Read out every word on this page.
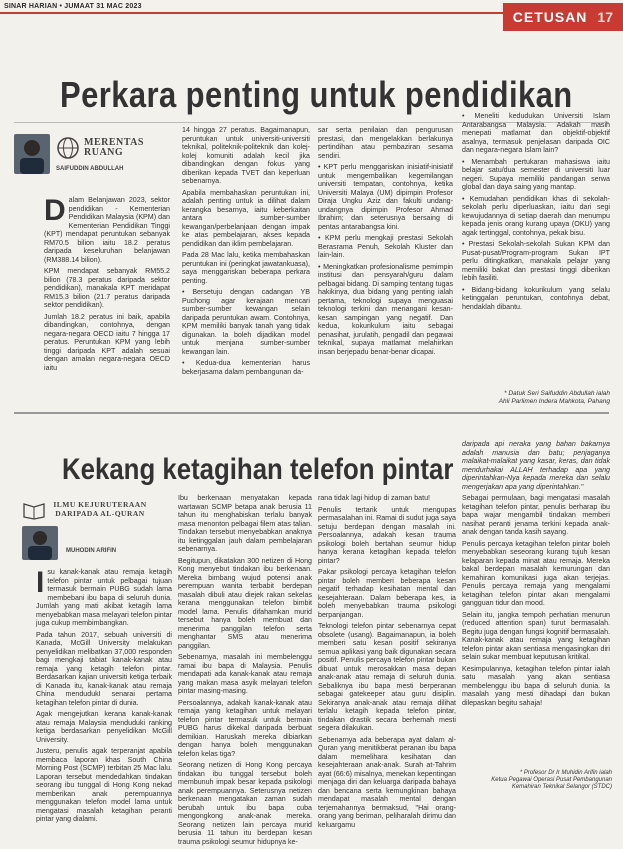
SINAR HARIAN • JUMAAT 31 MAC 2023
CETUSAN 17
Perkara penting untuk pendidikan
MERENTAS RUANG
SAIFUDDIN ABDULLAH

Dalam Belanjawan 2023, sektor pendidikan - Kementerian Pendidikan Malaysia (KPM) dan Kementerian Pendidikan Tinggi (KPT) mendapat peruntukan sebanyak RM70.5 bilion iaitu 18.2 peratus daripada keseluruhan belanjawan (RM388.14 bilion).

KPM mendapat sebanyak RM55.2 bilion (78.3 peratus daripada sektor pendidikan), manakala KPT meridapat RM15.3 bilion (21.7 peratus daripada sektor pendidikan).

Jumlah 18.2 peratus ini baik, apabila dibandingkan, contohnya, dengan negara-negara OECD iaitu 7 hingga 17 peratus. Peruntukan KPM yang lebih tinggi daripada KPT adalah sesuai dengan amalan negara-negara OECD iaitu

14 hingga 27 peratus. Bagaimanapun, peruntukan untuk universiti-universiti teknikal, politeknik-politeknik dan kolej-kolej komuniti adalah kecil jika dibandingkan dengan fokus yang diberikan kepada TVET dan keperluan sebenarnya.

Apabila membahaskan peruntukan ini, adalah penting untuk ia dilihat dalam kerangka besarnya, iaitu keberkaitan antara sumber-sumber kewangan/perbelanjaan dengan impak ke atas pembelajaran, akses kepada pendidikan dan iklim pembelajaran.

Pada 28 Mac lalu, ketika membahaskan peruntukan ini (peringkat jawatankuasa), saya menggariskan beberapa perkara penting.

• Bersetuju dengan cadangan YB Puchong agar kerajaan mencari sumber-sumber kewangan selain daripada peruntukan awam. Contohnya, KPM memiliki banyak tanah yang tidak digunakan. Ia boleh dijadikan model untuk menjana sumber-sumber kewangan lain.

• Kedua-dua kementerian harus bekerjasama dalam pembangunan da-

sar serta penilaian dan pengurusan prestasi, dan mengelakkan berlakunya pertindihan atau pembaziran sesama sendiri.

• KPT perlu menggariskan inisiatif-inisiatif untuk mengembalikan kegemilangan universiti tempatan, contohnya, ketika Universiti Malaya (UM) dipimpin Profesor Diraja Ungku Aziz dan fakulti undang-undangnya dipimpin Profesor Ahmad Ibrahim; dan seterusnya bersaing di pentas antarabangsa kini.

• KPM perlu mengkaji prestasi Sekolah Berasrama Penuh, Sekolah Kluster dan lain-lain.

• Meningkatkan profesionalisme pemimpin institusi dan pensyarah/guru dalam pelbagai bidang. Di samping tentang tugas hakikinya, dua bidang yang penting ialah pertama, teknologi supaya menguasai teknologi terkini dan menangani kesan-kesan sampingan yang negatif. Dan kedua, kokurikulum iaitu sebagai penasihat, jurulatih, pengadil dan pegawai teknikal, supaya matlamat melahirkan insan berjepadu benar-benar dicapai.

• Meneliti kedudukan Universiti Islam Antarabangsa Malaysia. Adakah masih menepati matlamat dan objektif-objektif asalnya, termasuk penjelasan daripada OIC dan negara-negara Islam lain?

• Menambah pertukaran mahasiswa iaitu belajar satu/dua semester di universiti luar negeri. Supaya memiliki pandangan serwa global dan daya saing yang mantap.

• Kemudahan pendidikan khas di sekolah-sekolah perlu diperluaskan, iaitu dari segi kewujudannya di setiap daerah dan menumpu kepada jenis orang kurang upaya (OKU) yang agak tertinggal, contohnya, pekak bisu.

• Prestasi Sekolah-sekolah Sukan KPM dan Pusat-pusat/Program-program Sukan IPT perlu ditingkatkan, manakala pelajar yang memiliki bakat dan prestasi tinggi diberikan lebih fasiliti.

• Bidang-bidang kokurikulum yang selalu ketinggalan peruntukan, contohnya debat, hendaklah dibantu.

* Datuk Seri Saifuddin Abdullah ialah
Ahli Parlimen Indera Mahkota, Pahang
Kekang ketagihan telefon pintar
ILMU KEJURUTERAAN DARIPADA AL-QURAN
MUHODIN ARIFIN

Isu kanak-kanak atau remaja ketagih telefon pintar untuk pelbagai tujuan termasuk bermain PUBG sudah lama membebani ibu bapa di seluruh dunia. Jumlah yang mati akibat ketagih lama menyebabkan masa melayari telefon pintar juga cukup membimbangkan.

Pada tahun 2017, sebuah universiti di Kanada, McGill University melakukan penyelidikan melibatkan 37,000 responden bagi mengkaji tabiat kanak-kanak atau remaja yang ketagih telefon pintar. Berdasarkan kajian universiti ketiga terbaik di Kanada itu, kanak-kanak atau remaja China mendudukI senarai pertama ketagihan telefon pintar di dunia.

Agak mengejutkan kerana kanak-kanak atau remaja Malaysia menduduki ranking ketiga berdasarkan penyelidikan McGill University.

Justeru, penulis agak terperanjat apabila membaca laporan khas South China Morning Post (SCMP) terbitan 25 Mac lalu. Laporan tersebut mendedahkan tindakan seorang ibu tunggal di Hong Kong nekad memberikan anak perempuannya menggunakan telefon model lama untuk mengatasi masalah ketagihan peranti pintar yang dialami.

Ibu berkenaan menyatakan kepada wartawan SCMP betapa anak berusia 11 tahun itu menghabiskan terlalu banyak masa menonton pelbagai filem atas talian. Tindakan tersebut menyebabkan anaknya itu ketinggalan jauh dalam pembelajaran sebenarnya.

Begitupun, dikatakan 300 netizen di Hong Kong menyebut tindakan ibu berkenaan. Mereka bimbang wujud potensi anak perempuan wanita terbabit berdepan masalah dibuli atau diejek rakan sekelas kerana menggunakan telefon bimbit model lama. Penulis difahamkan murid tersebut hanya boleh membuat dan menerima panggilan telefon serta menghantar SMS atau menerima panggilan.

Sebenarnya, masalah ini membelenggu ramai ibu bapa di Malaysia. Penulis mendapati ada kanak-kanak atau remaja yang makan masa asyik melayari telefon pintar masing-masing.

Persoalannya, adakah kanak-kanak atau remaja yang ketagihan untuk melayari telefon pintar termasuk untuk bermain PUBG harus dikekal daripada berbuat demikian. Haruskah mereka dibiarkan dengan hanya boleh menggunakan telefon kelas tiga?

Seorang netizen di Hong Kong percaya tindakan ibu tunggal tersebut boleh membunuh impak besar kepada psikologi anak perempuannya. Seterusnya netizen berkenaan mengatakan zaman sudah berubah untuk ibu bapa cuba mengongkong anak-anak mereka. Seorang netizen lain percaya murid berusia 11 tahun itu berdepan kesan trauma psikologi seumur hidupnya ke-

rana tidak lagi hidup di zaman batu!

Penulis tertarik untuk mengupas permasalahan ini. Ramai di sudut juga saya setuju berdepan dengan masalah ini. Persoalannya, adakah kesan trauma psikologi boleh bertahan seumur hidup hanya kerana ketagihan kepada telefon pintar?

Pakar psikologi percaya ketagihan telefon pintar boleh memberi beberapa kesan negatif terhadap kesihatan mental dan kesejahteraan. Dalam beberapa kes, ia boleh menyebabkan trauma psikologi berpanjangan.

Teknologi telefon pintar sebenarnya cepat obsolete (usang). Bagaimanapun, ia boleh memberi satu kesan positif sekiranya semua aplikasi yang baik digunakan secara positif. Penulis percaya telefon pintar bukan dibuat untuk merosakkan masa depan anak-anak atau remaja di seluruh dunia. Sebaliknya ibu bapa mesti berperanan sebagai gatekeeper atau guru disiplin. Sekiranya anak-anak atau remaja dilihat terlalu ketagih kepada telefon pintar, tindakan drastik secara berhemah mesti segera dilakukan.

Sebenarnya ada beberapa ayat dalam al-Quran yang menitikberat peranan ibu bapa dalam memelihara kesihatan dan kesejahteraan anak-anak. Surah at-Tahrim ayat (66:6) misalnya, menekan kepentingan menjaga diri dan keluarga daripada bahaya dan bencana serta kemungkinan bahaya mendapat masalah mental dengan terjemahannya bermaksud, "Hai orang-orang yang beriman, peliharalah dirimu dan keluargamu

daripada api neraka yang bahan bakarnya adalah manusia dan batu; penjaganya malaikat-malaikat yang kasar, keras, dan tidak mendurhakai ALLAH terhadap apa yang diperintahkan-Nya kepada mereka dan selalu mengerjakan apa yang diperintahkan."

Sebagai permulaan, bagi mengatasi masalah ketagihan telefon pintar, penulis berharap ibu bapa wajar mengambil tindakan memberi nasihat peranti jenama terkini kepada anak-anak dengan tanda kasih sayang.

Penulis percaya ketagihan telefon pintar boleh menyebabkan seseorang kurang tujuh kesan kelaparan kepada minat atau remaja. Mereka bakal berdepan masalah kemurungan dan kemahiran komunikasi juga akan terjejas. Penulis percaya remaja yang mengalami ketagihan telefon pintar akan mengalami gangguan tidur dan mood.

Selain itu, jangka tempoh perhatian menurun (reduced attention span) turut bermasalah. Begitu juga dengan fungsi kognitif bermasalah. Kanak-kanak atau remaja yang ketagihan telefon pintar akan sentiasa mengasingkan diri selain sukar membuat keputusan kritikal.

Kesimpulannya, ketagihan telefon pintar ialah satu masalah yang akan sentiasa membelenggu ibu bapa di seluruh dunia. Ia masalah yang mesti dihadapi dan bukan dilepaskan begitu sahaja!

* Profesor Dr Ir Muhidin Arifin ialah
Ketua Pegawai Operasi Pusat Pembangunan
Kemahiran Teknikal Selangor (STDC)
